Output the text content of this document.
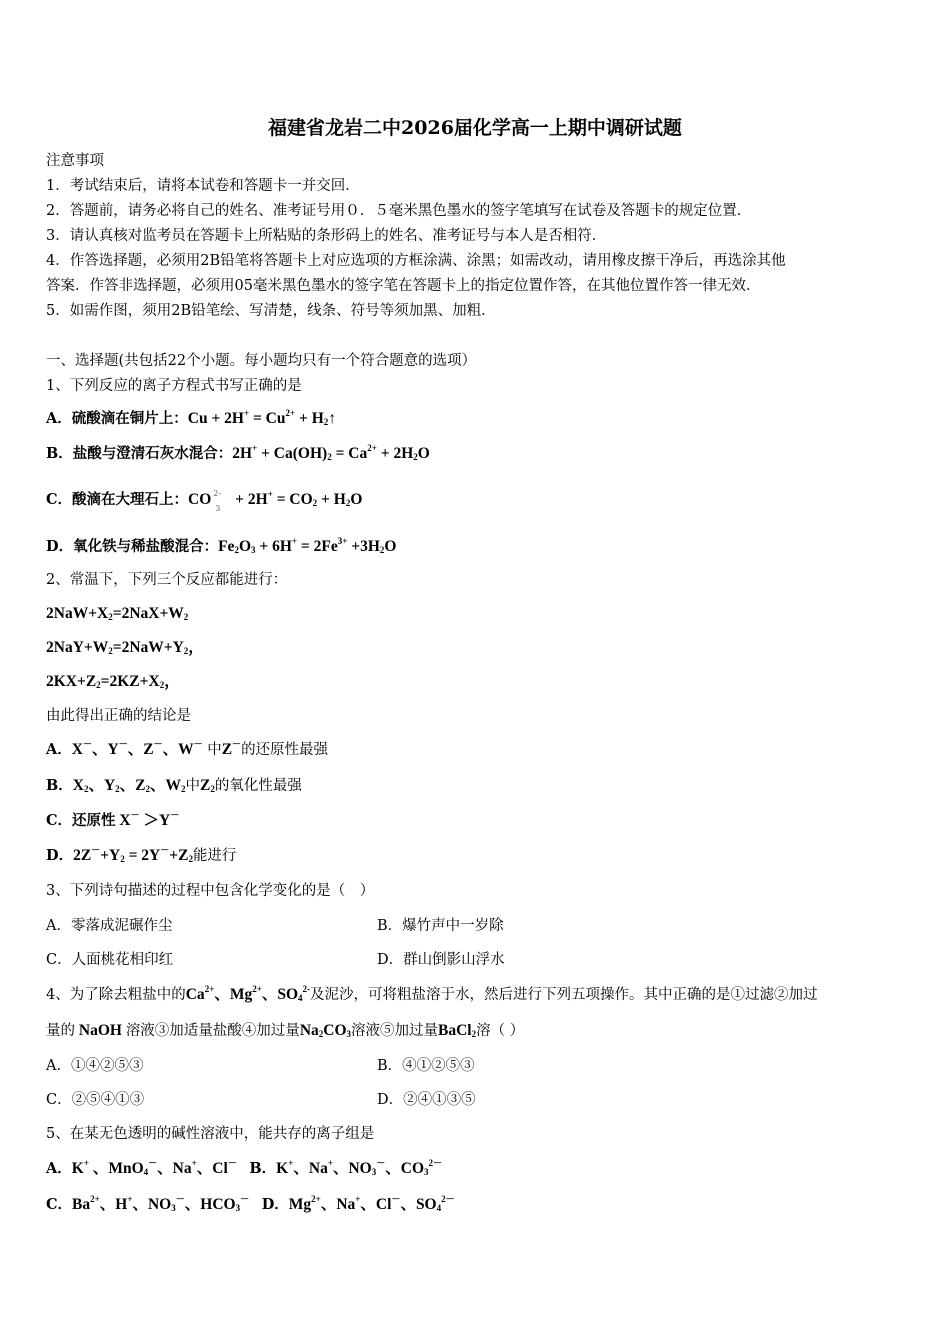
福建省龙岩二中2026届化学高一上期中调研试题
注意事项
1．考试结束后，请将本试卷和答题卡一并交回．
2．答题前，请务必将自己的姓名、准考证号用０．５毫米黑色墨水的签字笔填写在试卷及答题卡的规定位置．
3．请认真核对监考员在答题卡上所粘贴的条形码上的姓名、准考证号与本人是否相符．
4．作答选择题，必须用2B铅笔将答题卡上对应选项的方框涂满、涂黑；如需改动，请用橡皮擦干净后，再选涂其他
答案．作答非选择题，必须用05毫米黑色墨水的签字笔在答题卡上的指定位置作答，在其他位置作答一律无效．
5．如需作图，须用2B铅笔绘、写清楚，线条、符号等须加黑、加粗．
一、选择题(共包括22个小题。每小题均只有一个符合题意的选项）
1、下列反应的离子方程式书写正确的是
A．硫酸滴在铜片上：$Cu + 2H^+ = Cu^{2+}$ + $H_2↑$
B．盐酸与澄清石灰水混合：$2H^+ + Ca(OH)_2 = Ca^{2+} + 2H_2O$
C．酸滴在大理石上：CO 2-
3
+ $2H^+ = CO_2 + H_2O$
D．氧化铁与稀盐酸混合：$Fe_2O_3 + 6H^+ = 2Fe^{3+} +3H_2O$
2、常温下，下列三个反应都能进行：
$2NaW+X_2=2NaX+W_2$
$2NaY+W_2=2NaW+Y_2$，
$2KX+Z_2=2KZ+X_2$，
由此得出正确的结论是
A．X－、Y－、Z－、W－ 中Z－的还原性最强
B．$X_2$、$Y_2$、$Z_2$、$W_2$中$Z_2$的氧化性最强
C．还原性 X－ ＞Y－
D．$2Z^-+Y_2 = 2Y^-+Z_2$能进行
3、下列诗句描述的过程中包含化学变化的是（　）
A．零落成泥碾作尘	B．爆竹声中一岁除
C．人面桃花相印红	D．群山倒影山浮水
4、为了除去粗盐中的$Ca^{2+}$、$Mg^{2+}$、$SO_4^{2-}$及泥沙，可将粗盐溶于水，然后进行下列五项操作。其中正确的是①过滤②加过
量的 NaOH 溶液③加适量盐酸④加过量$Na_2CO_3$溶液⑤加过量BaCl$_2$溶（ ）
A．①④②⑤③	B．④①②⑤③
C．②⑤④①③	D．②④①③⑤
5、在某无色透明的碱性溶液中，能共存的离子组是
A．K+ 、MnO$_4$－、Na+、Cl－ B．K+、Na+、$NO_3^-$、$CO_3^{2-}$
C．$Ba^{2+}$、H+、$NO_3^-$、$HCO_3^-$ D．$Mg^{2+}$、Na+、Cl－、$SO_4^{2-}$
